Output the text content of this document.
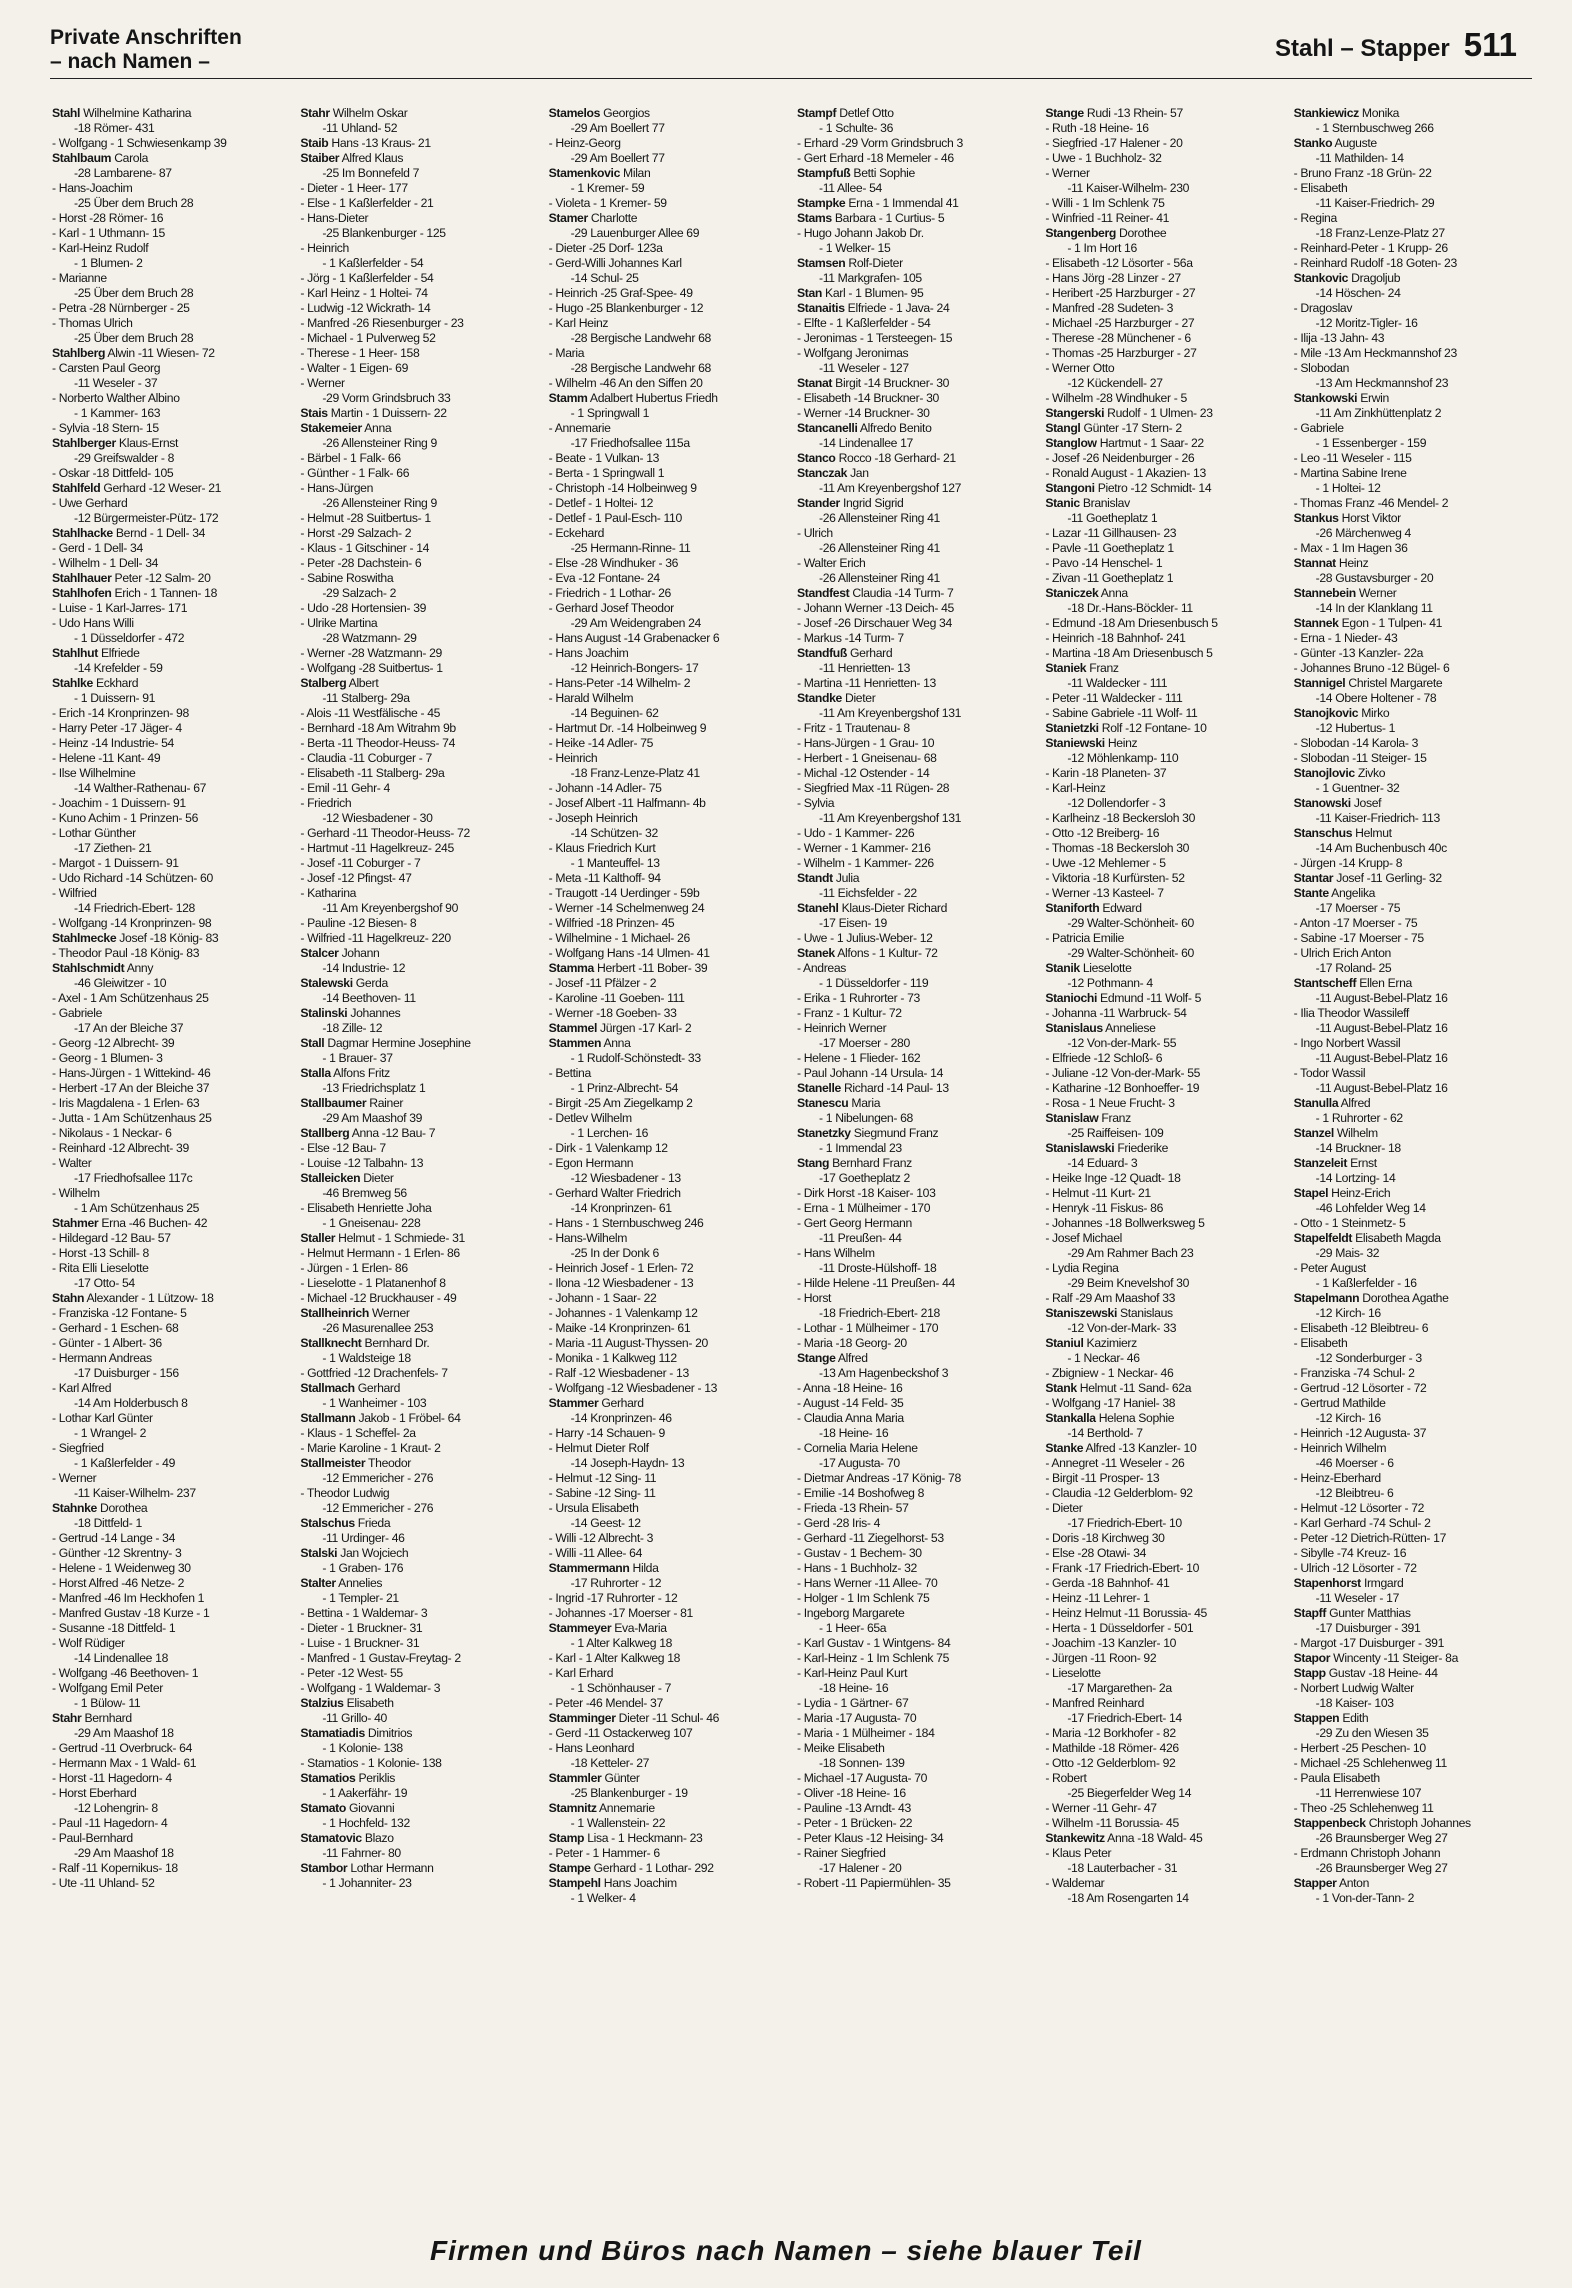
Private Anschriften
– nach Namen –	Stahl – Stapper 511
Stahl Wilhelmine Katharina
-18 Römer- 431
- Wolfgang - 1 Schwiesenkamp 39
Stahlbaum Carola
-28 Lambarene- 87
- Hans-Joachim
-25 Über dem Bruch 28
- Horst -28 Römer- 16
- Karl - 1 Uthmann- 15
- Karl-Heinz Rudolf
- 1 Blumen- 2
- Marianne
-25 Über dem Bruch 28
- Petra -28 Nürnberger - 25
- Thomas Ulrich
-25 Über dem Bruch 28
Stahlberg Alwin -11 Wiesen- 72
- Carsten Paul Georg
-11 Weseler - 37
- Norberto Walther Albino
- 1 Kammer- 163
- Sylvia -18 Stern- 15
Stahlberger Klaus-Ernst
-29 Greifswalder - 8
- Oskar -18 Dittfeld- 105
Stahlfeld Gerhard -12 Weser- 21
- Uwe Gerhard
-12 Bürgermeister-Pütz- 172
Stahlhacke Bernd - 1 Dell- 34
- Gerd - 1 Dell- 34
- Wilhelm - 1 Dell- 34
Stahlhauer Peter -12 Salm- 20
Stahlhofen Erich - 1 Tannen- 18
- Luise - 1 Karl-Jarres- 171
- Udo Hans Willi
- 1 Düsseldorfer - 472
Stahlhut Elfriede
-14 Krefelder - 59
Stahlke Eckhard
- 1 Duissern- 91
- Erich -14 Kronprinzen- 98
- Harry Peter -17 Jäger- 4
- Heinz -14 Industrie- 54
- Helene -11 Kant- 49
- Ilse Wilhelmine
-14 Walther-Rathenau- 67
- Joachim - 1 Duissern- 91
- Kuno Achim - 1 Prinzen- 56
- Lothar Günther
-17 Ziethen- 21
- Margot - 1 Duissern- 91
- Udo Richard -14 Schützen- 60
- Wilfried
-14 Friedrich-Ebert- 128
- Wolfgang -14 Kronprinzen- 98
Stahlmecke Josef -18 König- 83
- Theodor Paul -18 König- 83
Stahlschmidt Anny
-46 Gleiwitzer - 10
- Axel - 1 Am Schützenhaus 25
- Gabriele
-17 An der Bleiche 37
- Georg -12 Albrecht- 39
- Georg - 1 Blumen- 3
- Hans-Jürgen - 1 Wittekind- 46
- Herbert -17 An der Bleiche 37
- Iris Magdalena - 1 Erlen- 63
- Jutta - 1 Am Schützenhaus 25
- Nikolaus - 1 Neckar- 6
- Reinhard -12 Albrecht- 39
- Walter
-17 Friedhofsallee 117c
- Wilhelm
- 1 Am Schützenhaus 25
Stahmer Erna -46 Buchen- 42
- Hildegard -12 Bau- 57
- Horst -13 Schill- 8
- Rita Elli Lieselotte
-17 Otto- 54
Stahn Alexander - 1 Lützow- 18
- Franziska -12 Fontane- 5
- Gerhard - 1 Eschen- 68
- Günter - 1 Albert- 36
- Hermann Andreas
-17 Duisburger - 156
- Karl Alfred
-14 Am Holderbusch 8
- Lothar Karl Günter
- 1 Wrangel- 2
- Siegfried
- 1 Kaßlerfelder - 49
- Werner
-11 Kaiser-Wilhelm- 237
Stahnke Dorothea
-18 Dittfeld- 1
- Gertrud -14 Lange - 34
- Günther -12 Skrentny- 3
- Helene - 1 Weidenweg 30
- Horst Alfred -46 Netze- 2
- Manfred -46 Im Heckhofen 1
- Manfred Gustav -18 Kurze - 1
- Susanne -18 Dittfeld- 1
- Wolf Rüdiger
-14 Lindenallee 18
- Wolfgang -46 Beethoven- 1
- Wolfgang Emil Peter
- 1 Bülow- 11
Stahr Bernhard
-29 Am Maashof 18
- Gertrud -11 Overbruck- 64
- Hermann Max - 1 Wald- 61
- Horst -11 Hagedorn- 4
- Horst Eberhard
-12 Lohengrin- 8
- Paul -11 Hagedorn- 4
- Paul-Bernhard
-29 Am Maashof 18
- Ralf -11 Kopernikus- 18
- Ute -11 Uhland- 52
Stahr Wilhelm Oskar
-11 Uhland- 52
Staib Hans -13 Kraus- 21
Staiber Alfred Klaus
-25 Im Bonnefeld 7
- Dieter - 1 Heer- 177
- Else - 1 Kaßlerfelder - 21
- Hans-Dieter
-25 Blankenburger - 125
- Heinrich
- 1 Kaßlerfelder - 54
- Jörg - 1 Kaßlerfelder - 54
- Karl Heinz - 1 Holtei- 74
- Ludwig -12 Wickrath- 14
- Manfred -26 Riesenburger - 23
- Michael - 1 Pulverweg 52
- Therese - 1 Heer- 158
- Walter - 1 Eigen- 69
- Werner
-29 Vorm Grindsbruch 33
Stais Martin - 1 Duissern- 22
Stakemeier Anna
-26 Allensteiner Ring 9
- Bärbel - 1 Falk- 66
- Günther - 1 Falk- 66
- Hans-Jürgen
-26 Allensteiner Ring 9
- Helmut -28 Suitbertus- 1
- Horst -29 Salzach- 2
- Klaus - 1 Gitschiner - 14
- Peter -28 Dachstein- 6
- Sabine Roswitha
-29 Salzach- 2
- Udo -28 Hortensien- 39
- Ulrike Martina
-28 Watzmann- 29
- Werner -28 Watzmann- 29
- Wolfgang -28 Suitbertus- 1
Stalberg Albert
-11 Stalberg- 29a
- Alois -11 Westfälische - 45
- Bernhard -18 Am Witrahm 9b
- Berta -11 Theodor-Heuss- 74
- Claudia -11 Coburger - 7
- Elisabeth -11 Stalberg- 29a
- Emil -11 Gehr- 4
- Friedrich
-12 Wiesbadener - 30
- Gerhard -11 Theodor-Heuss- 72
- Hartmut -11 Hagelkreuz- 245
- Josef -11 Coburger - 7
- Josef -12 Pfingst- 47
- Katharina
-11 Am Kreyenbergshof 90
- Pauline -12 Biesen- 8
- Wilfried -11 Hagelkreuz- 220
Stalcer Johann
-14 Industrie- 12
Stalewski Gerda
-14 Beethoven- 11
Stalinski Johannes
-18 Zille- 12
Stall Dagmar Hermine Josephine
- 1 Brauer- 37
Stalla Alfons Fritz
-13 Friedrichsplatz 1
Stallbaumer Rainer
-29 Am Maashof 39
Stallberg Anna -12 Bau- 7
- Else -12 Bau- 7
- Louise -12 Talbahn- 13
Stalleicken Dieter
-46 Bremweg 56
- Elisabeth Henriette Joha
- 1 Gneisenau- 228
Staller Helmut - 1 Schmiede- 31
- Helmut Hermann - 1 Erlen- 86
- Jürgen - 1 Erlen- 86
- Lieselotte - 1 Platanenhof 8
- Michael -12 Bruckhauser - 49
Stallheinrich Werner
-26 Masurenallee 253
Stallknecht Bernhard Dr.
- 1 Waldsteige 18
- Gottfried -12 Drachenfels- 7
Stallmach Gerhard
- 1 Wanheimer - 103
Stallmann Jakob - 1 Fröbel- 64
- Klaus - 1 Scheffel- 2a
- Marie Karoline - 1 Kraut- 2
Stallmeister Theodor
-12 Emmericher - 276
- Theodor Ludwig
-12 Emmericher - 276
Stalschus Frieda
-11 Urdinger- 46
Stalski Jan Wojciech
- 1 Graben- 176
Stalter Annelies
- 1 Templer- 21
- Bettina - 1 Waldemar- 3
- Dieter - 1 Bruckner- 31
- Luise - 1 Bruckner- 31
- Manfred - 1 Gustav-Freytag- 2
- Peter -12 West- 55
- Wolfgang - 1 Waldemar- 3
Stalzius Elisabeth
-11 Grillo- 40
Stamatiadis Dimitrios
- 1 Kolonie- 138
- Stamatios - 1 Kolonie- 138
Stamatios Periklis
- 1 Aakerfähr- 19
Stamato Giovanni
- 1 Hochfeld- 132
Stamatovic Blazo
-11 Fahrner- 80
Stambor Lothar Hermann
- 1 Johanniter- 23
Stamelos Georgios
-29 Am Boellert 77
- Heinz-Georg
-29 Am Boellert 77
Stamenkovic Milan
- 1 Kremer- 59
- Violeta - 1 Kremer- 59
Stamer Charlotte
-29 Lauenburger Allee 69
- Dieter -25 Dorf- 123a
- Gerd-Willi Johannes Karl
-14 Schul- 25
- Heinrich -25 Graf-Spee- 49
- Hugo -25 Blankenburger - 12
- Karl Heinz
-28 Bergische Landwehr 68
- Maria
-28 Bergische Landwehr 68
- Wilhelm -46 An den Siffen 20
Stamm Adalbert Hubertus Friedh
- 1 Springwall 1
- Annemarie
-17 Friedhofsallee 115a
- Beate - 1 Vulkan- 13
- Berta - 1 Springwall 1
- Christoph -14 Holbeinweg 9
- Detlef - 1 Holtei- 12
- Detlef - 1 Paul-Esch- 110
- Eckehard
-25 Hermann-Rinne- 11
- Else -28 Windhuker - 36
- Eva -12 Fontane- 24
- Friedrich - 1 Lothar- 26
- Gerhard Josef Theodor
-29 Am Weidengraben 24
- Hans August -14 Grabenacker 6
- Hans Joachim
-12 Heinrich-Bongers- 17
- Hans-Peter -14 Wilhelm- 2
- Harald Wilhelm
-14 Beguinen- 62
- Hartmut Dr. -14 Holbeinweg 9
- Heike -14 Adler- 75
- Heinrich
-18 Franz-Lenze-Platz 41
- Johann -14 Adler- 75
- Josef Albert -11 Halfmann- 4b
- Joseph Heinrich
-14 Schützen- 32
- Klaus Friedrich Kurt
- 1 Manteuffel- 13
- Meta -11 Kalthoff- 94
- Traugott -14 Uerdinger - 59b
- Werner -14 Schelmenweg 24
- Wilfried -18 Prinzen- 45
- Wilhelmine - 1 Michael- 26
- Wolfgang Hans -14 Ulmen- 41
Stamma Herbert -11 Bober- 39
- Josef -11 Pfälzer - 2
- Karoline -11 Goeben- 111
- Werner -18 Goeben- 33
Stammel Jürgen -17 Karl- 2
Stammen Anna
- 1 Rudolf-Schönstedt- 33
- Bettina
- 1 Prinz-Albrecht- 54
- Birgit -25 Am Ziegelkamp 2
- Detlev Wilhelm
- 1 Lerchen- 16
- Dirk - 1 Valenkamp 12
- Egon Hermann
-12 Wiesbadener - 13
- Gerhard Walter Friedrich
-14 Kronprinzen- 61
- Hans - 1 Sternbuschweg 246
- Hans-Wilhelm
-25 In der Donk 6
- Heinrich Josef - 1 Erlen- 72
- Ilona -12 Wiesbadener - 13
- Johann - 1 Saar- 22
- Johannes - 1 Valenkamp 12
- Maike -14 Kronprinzen- 61
- Maria -11 August-Thyssen- 20
- Monika - 1 Kalkweg 112
- Ralf -12 Wiesbadener - 13
- Wolfgang -12 Wiesbadener - 13
Stammer Gerhard
-14 Kronprinzen- 46
- Harry -14 Schauen- 9
- Helmut Dieter Rolf
-14 Joseph-Haydn- 13
- Helmut -12 Sing- 11
- Sabine -12 Sing- 11
- Ursula Elisabeth
-14 Geest- 12
- Willi -12 Albrecht- 3
- Willi -11 Allee- 64
Stammermann Hilda
-17 Ruhrorter - 12
- Ingrid -17 Ruhrorter - 12
- Johannes -17 Moerser - 81
Stammeyer Eva-Maria
- 1 Alter Kalkweg 18
- Karl - 1 Alter Kalkweg 18
- Karl Erhard
- 1 Schönhauser - 7
- Peter -46 Mendel- 37
Stamminger Dieter -11 Schul- 46
- Gerd -11 Ostackerweg 107
- Hans Leonhard
-18 Ketteler- 27
Stammler Günter
-25 Blankenburger - 19
Stamnitz Annemarie
- 1 Wallenstein- 22
Stamp Lisa - 1 Heckmann- 23
- Peter - 1 Hammer- 6
Stampe Gerhard - 1 Lothar- 292
Stampehl Hans Joachim
- 1 Welker- 4
Stampf Detlef Otto
- 1 Schulte- 36
- Erhard -29 Vorm Grindsbruch 3
- Gert Erhard -18 Memeler - 46
Stampfuß Betti Sophie
-11 Allee- 54
Stampke Erna - 1 Immendal 41
Stams Barbara - 1 Curtius- 5
- Hugo Johann Jakob Dr.
- 1 Welker- 15
Stamsen Rolf-Dieter
-11 Markgrafen- 105
Stan Karl - 1 Blumen- 95
Stanaitis Elfriede - 1 Java- 24
- Elfte - 1 Kaßlerfelder - 54
- Jeronimas - 1 Tersteegen- 15
- Wolfgang Jeronimas
-11 Weseler - 127
Stanat Birgit -14 Bruckner- 30
- Elisabeth -14 Bruckner- 30
- Werner -14 Bruckner- 30
Stancanelli Alfredo Benito
-14 Lindenallee 17
Stanco Rocco -18 Gerhard- 21
Stanczak Jan
-11 Am Kreyenbergshof 127
Stander Ingrid Sigrid
-26 Allensteiner Ring 41
- Ulrich
-26 Allensteiner Ring 41
- Walter Erich
-26 Allensteiner Ring 41
Standfest Claudia -14 Turm- 7
- Johann Werner -13 Deich- 45
- Josef -26 Dirschauer Weg 34
- Markus -14 Turm- 7
Standfuß Gerhard
-11 Henrietten- 13
- Martina -11 Henrietten- 13
Standke Dieter
-11 Am Kreyenbergshof 131
- Fritz - 1 Trautenau- 8
- Hans-Jürgen - 1 Grau- 10
- Herbert - 1 Gneisenau- 68
- Michal -12 Ostender - 14
- Siegfried Max -11 Rügen- 28
- Sylvia
-11 Am Kreyenbergshof 131
- Udo - 1 Kammer- 226
- Werner - 1 Kammer- 216
- Wilhelm - 1 Kammer- 226
Standt Julia
-11 Eichsfelder - 22
Stanehl Klaus-Dieter Richard
-17 Eisen- 19
- Uwe - 1 Julius-Weber- 12
Stanek Alfons - 1 Kultur- 72
- Andreas
- 1 Düsseldorfer - 119
- Erika - 1 Ruhrorter - 73
- Franz - 1 Kultur- 72
- Heinrich Werner
-17 Moerser - 280
- Helene - 1 Flieder- 162
- Paul Johann -14 Ursula- 14
Stanelle Richard -14 Paul- 13
Stanescu Maria
- 1 Nibelungen- 68
Stanetzky Siegmund Franz
- 1 Immendal 23
Stang Bernhard Franz
-17 Goetheplatz 2
- Dirk Horst -18 Kaiser- 103
- Erna - 1 Mülheimer - 170
- Gert Georg Hermann
-11 Preußen- 44
- Hans Wilhelm
-11 Droste-Hülshoff- 18
- Hilde Helene -11 Preußen- 44
- Horst
-18 Friedrich-Ebert- 218
- Lothar - 1 Mülheimer - 170
- Maria -18 Georg- 20
Stange Alfred
-13 Am Hagenbeckshof 3
- Anna -18 Heine- 16
- August -14 Feld- 35
- Claudia Anna Maria
-18 Heine- 16
- Cornelia Maria Helene
-17 Augusta- 70
- Dietmar Andreas -17 König- 78
- Emilie -14 Boshofweg 8
- Frieda -13 Rhein- 57
- Gerd -28 Iris- 4
- Gerhard -11 Ziegelhorst- 53
- Gustav - 1 Bechem- 30
- Hans - 1 Buchholz- 32
- Hans Werner -11 Allee- 70
- Holger - 1 Im Schlenk 75
- Ingeborg Margarete
- 1 Heer- 65a
- Karl Gustav - 1 Wintgens- 84
- Karl-Heinz - 1 Im Schlenk 75
- Karl-Heinz Paul Kurt
-18 Heine- 16
- Lydia - 1 Gärtner- 67
- Maria -17 Augusta- 70
- Maria - 1 Mülheimer - 184
- Meike Elisabeth
-18 Sonnen- 139
- Michael -17 Augusta- 70
- Oliver -18 Heine- 16
- Pauline -13 Arndt- 43
- Peter - 1 Brücken- 22
- Peter Klaus -12 Heising- 34
- Rainer Siegfried
-17 Halener - 20
- Robert -11 Papiermühlen- 35
Stange Rudi -13 Rhein- 57
- Ruth -18 Heine- 16
- Siegfried -17 Halener - 20
- Uwe - 1 Buchholz- 32
- Werner
-11 Kaiser-Wilhelm- 230
- Willi - 1 Im Schlenk 75
- Winfried -11 Reiner- 41
Stangenberg Dorothee
- 1 Im Hort 16
- Elisabeth -12 Lösorter - 56a
- Hans Jörg -28 Linzer - 27
- Heribert -25 Harzburger - 27
- Manfred -28 Sudeten- 3
- Michael -25 Harzburger - 27
- Therese -28 Münchener - 6
- Thomas -25 Harzburger - 27
- Werner Otto
-12 Kückendell- 27
- Wilhelm -28 Windhuker - 5
Stangerski Rudolf - 1 Ulmen- 23
Stangl Günter -17 Stern- 2
Stanglow Hartmut - 1 Saar- 22
- Josef -26 Neidenburger - 26
- Ronald August - 1 Akazien- 13
Stangoni Pietro -12 Schmidt- 14
Stanic Branislav
-11 Goetheplatz 1
- Lazar -11 Gillhausen- 23
- Pavle -11 Goetheplatz 1
- Pavo -14 Henschel- 1
- Zivan -11 Goetheplatz 1
Staniczek Anna
-18 Dr.-Hans-Böckler- 11
- Edmund -18 Am Driesenbusch 5
- Heinrich -18 Bahnhof- 241
- Martina -18 Am Driesenbusch 5
Staniek Franz
-11 Waldecker - 111
- Peter -11 Waldecker - 111
- Sabine Gabriele -11 Wolf- 11
Stanietzki Rolf -12 Fontane- 10
Staniewski Heinz
-12 Möhlenkamp- 110
- Karin -18 Planeten- 37
- Karl-Heinz
-12 Dollendorfer - 3
- Karlheinz -18 Beckersloh 30
- Otto -12 Breiberg- 16
- Thomas -18 Beckersloh 30
- Uwe -12 Mehlemer - 5
- Viktoria -18 Kurfürsten- 52
- Werner -13 Kasteel- 7
Staniforth Edward
-29 Walter-Schönheit- 60
- Patricia Emilie
-29 Walter-Schönheit- 60
Stanik Lieselotte
-12 Pothmann- 4
Staniochi Edmund -11 Wolf- 5
- Johanna -11 Warbruck- 54
Stanislaus Anneliese
-12 Von-der-Mark- 55
- Elfriede -12 Schloß- 6
- Juliane -12 Von-der-Mark- 55
- Katharine -12 Bonhoeffer- 19
- Rosa - 1 Neue Frucht- 3
Stanislaw Franz
-25 Raiffeisen- 109
Stanislawski Friederike
-14 Eduard- 3
- Heike Inge -12 Quadt- 18
- Helmut -11 Kurt- 21
- Henryk -11 Fiskus- 86
- Johannes -18 Bollwerksweg 5
- Josef Michael
-29 Am Rahmer Bach 23
- Lydia Regina
-29 Beim Knevelshof 30
- Ralf -29 Am Maashof 33
Staniszewski Stanislaus
-12 Von-der-Mark- 33
Staniul Kazimierz
- 1 Neckar- 46
- Zbigniew - 1 Neckar- 46
Stank Helmut -11 Sand- 62a
- Wolfgang -17 Haniel- 38
Stankalla Helena Sophie
-14 Berthold- 7
Stanke Alfred -13 Kanzler- 10
- Annegret -11 Weseler - 26
- Birgit -11 Prosper- 13
- Claudia -12 Gelderblom- 92
- Dieter
-17 Friedrich-Ebert- 10
- Doris -18 Kirchweg 30
- Else -28 Otawi- 34
- Frank -17 Friedrich-Ebert- 10
- Gerda -18 Bahnhof- 41
- Heinz -11 Lehrer- 1
- Heinz Helmut -11 Borussia- 45
- Herta - 1 Düsseldorfer - 501
- Joachim -13 Kanzler- 10
- Jürgen -11 Roon- 92
- Lieselotte
-17 Margarethen- 2a
- Manfred Reinhard
-17 Friedrich-Ebert- 14
- Maria -12 Borkhofer - 82
- Mathilde -18 Römer- 426
- Otto -12 Gelderblom- 92
- Robert
-25 Biegerfelder Weg 14
- Werner -11 Gehr- 47
- Wilhelm -11 Borussia- 45
Stankewitz Anna -18 Wald- 45
- Klaus Peter
-18 Lauterbacher - 31
- Waldemar
-18 Am Rosengarten 14
Stankiewicz Monika
- 1 Sternbuschweg 266
Stanko Auguste
-11 Mathilden- 14
- Bruno Franz -18 Grün- 22
- Elisabeth
-11 Kaiser-Friedrich- 29
- Regina
-18 Franz-Lenze-Platz 27
- Reinhard-Peter - 1 Krupp- 26
- Reinhard Rudolf -18 Goten- 23
Stankovic Dragoljub
-14 Höschen- 24
- Dragoslav
-12 Moritz-Tigler- 16
- Ilija -13 Jahn- 43
- Mile -13 Am Heckmannshof 23
- Slobodan
-13 Am Heckmannshof 23
Stankowski Erwin
-11 Am Zinkhüttenplatz 2
- Gabriele
- 1 Essenberger - 159
- Leo -11 Weseler - 115
- Martina Sabine Irene
- 1 Holtei- 12
- Thomas Franz -46 Mendel- 2
Stankus Horst Viktor
-26 Märchenweg 4
- Max - 1 Im Hagen 36
Stannat Heinz
-28 Gustavsburger - 20
Stannebein Werner
-14 In der Klanklang 11
Stannek Egon - 1 Tulpen- 41
- Erna - 1 Nieder- 43
- Günter -13 Kanzler- 22a
- Johannes Bruno -12 Bügel- 6
Stannigel Christel Margarete
-14 Obere Holtener - 78
Stanojkovic Mirko
-12 Hubertus- 1
- Slobodan -14 Karola- 3
- Slobodan -11 Steiger- 15
Stanojlovic Zivko
- 1 Guentner- 32
Stanowski Josef
-11 Kaiser-Friedrich- 113
Stanschus Helmut
-14 Am Buchenbusch 40c
- Jürgen -14 Krupp- 8
Stantar Josef -11 Gerling- 32
Stante Angelika
-17 Moerser - 75
- Anton -17 Moerser - 75
- Sabine -17 Moerser - 75
- Ulrich Erich Anton
-17 Roland- 25
Stantscheff Ellen Erna
-11 August-Bebel-Platz 16
- Ilia Theodor Wassileff
-11 August-Bebel-Platz 16
- Ingo Norbert Wassil
-11 August-Bebel-Platz 16
- Todor Wassil
-11 August-Bebel-Platz 16
Stanulla Alfred
- 1 Ruhrorter - 62
Stanzel Wilhelm
-14 Bruckner- 18
Stanzeleit Ernst
-14 Lortzing- 14
Stapel Heinz-Erich
-46 Lohfelder Weg 14
- Otto - 1 Steinmetz- 5
Stapelfeldt Elisabeth Magda
-29 Mais- 32
- Peter August
- 1 Kaßlerfelder - 16
Stapelmann Dorothea Agathe
-12 Kirch- 16
- Elisabeth -12 Bleibtreu- 6
- Elisabeth
-12 Sonderburger - 3
- Franziska -74 Schul- 2
- Gertrud -12 Lösorter - 72
- Gertrud Mathilde
-12 Kirch- 16
- Heinrich -12 Augusta- 37
- Heinrich Wilhelm
-46 Moerser - 6
- Heinz-Eberhard
-12 Bleibtreu- 6
- Helmut -12 Lösorter - 72
- Karl Gerhard -74 Schul- 2
- Peter -12 Dietrich-Rütten- 17
- Sibylle -74 Kreuz- 16
- Ulrich -12 Lösorter - 72
Stapenhorst Irmgard
-11 Weseler - 17
Stapff Gunter Matthias
-17 Duisburger - 391
- Margot -17 Duisburger - 391
Stapor Wincenty -11 Steiger- 8a
Stapp Gustav -18 Heine- 44
- Norbert Ludwig Walter
-18 Kaiser- 103
Stappen Edith
-29 Zu den Wiesen 35
- Herbert -25 Peschen- 10
- Michael -25 Schlehenweg 11
- Paula Elisabeth
-11 Herrenwiese 107
- Theo -25 Schlehenweg 11
Stappenbeck Christoph Johannes
-26 Braunsberger Weg 27
- Erdmann Christoph Johann
-26 Braunsberger Weg 27
Stapper Anton
- 1 Von-der-Tann- 2
Firmen und Büros nach Namen – siehe blauer Teil
